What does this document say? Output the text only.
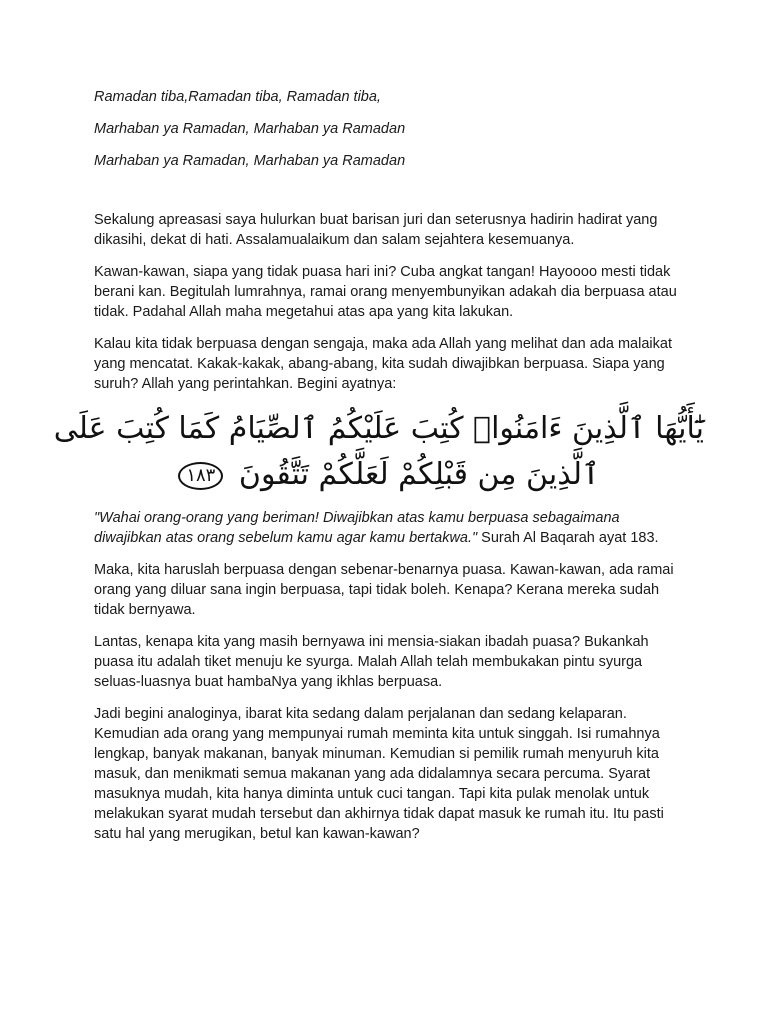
Ramadan tiba,Ramadan tiba, Ramadan tiba,

Marhaban ya Ramadan, Marhaban ya Ramadan

Marhaban ya Ramadan, Marhaban ya Ramadan

Sekalung apreasasi saya hulurkan buat barisan juri dan seterusnya hadirin hadirat yang dikasihi, dekat di hati. Assalamualaikum dan salam sejahtera kesemuanya.

Kawan-kawan, siapa yang tidak puasa hari ini? Cuba angkat tangan! Hayoooo mesti tidak berani kan. Begitulah lumrahnya, ramai orang menyembunyikan adakah dia berpuasa atau tidak. Padahal Allah maha megetahui atas apa yang kita lakukan.

Kalau kita tidak berpuasa dengan sengaja, maka ada Allah yang melihat dan ada malaikat yang mencatat. Kakak-kakak, abang-abang, kita sudah diwajibkan berpuasa. Siapa yang suruh? Allah yang perintahkan. Begini ayatnya:

يَٰٓأَيُّهَا ٱلَّذِينَ ءَامَنُوا۟ كُتِبَ عَلَيْكُمُ ٱلصِّيَامُ كَمَا كُتِبَ عَلَى
ٱلَّذِينَ مِن قَبْلِكُمْ لَعَلَّكُمْ تَتَّقُونَ ١٨٣

"Wahai orang-orang yang beriman! Diwajibkan atas kamu berpuasa sebagaimana diwajibkan atas orang sebelum kamu agar kamu bertakwa." Surah Al Baqarah ayat 183.

Maka, kita haruslah berpuasa dengan sebenar-benarnya puasa. Kawan-kawan, ada ramai orang yang diluar sana ingin berpuasa, tapi tidak boleh. Kenapa? Kerana mereka sudah tidak bernyawa.

Lantas, kenapa kita yang masih bernyawa ini mensia-siakan ibadah puasa? Bukankah puasa itu adalah tiket menuju ke syurga. Malah Allah telah membukakan pintu syurga seluas-luasnya buat hambaNya yang ikhlas berpuasa.

Jadi begini analoginya, ibarat kita sedang dalam perjalanan dan sedang kelaparan. Kemudian ada orang yang mempunyai rumah meminta kita untuk singgah. Isi rumahnya lengkap, banyak makanan, banyak minuman. Kemudian si pemilik rumah menyuruh kita masuk, dan menikmati semua makanan yang ada didalamnya secara percuma. Syarat masuknya mudah, kita hanya diminta untuk cuci tangan. Tapi kita pulak menolak untuk melakukan syarat mudah tersebut dan akhirnya tidak dapat masuk ke rumah itu. Itu pasti satu hal yang merugikan, betul kan kawan-kawan?
